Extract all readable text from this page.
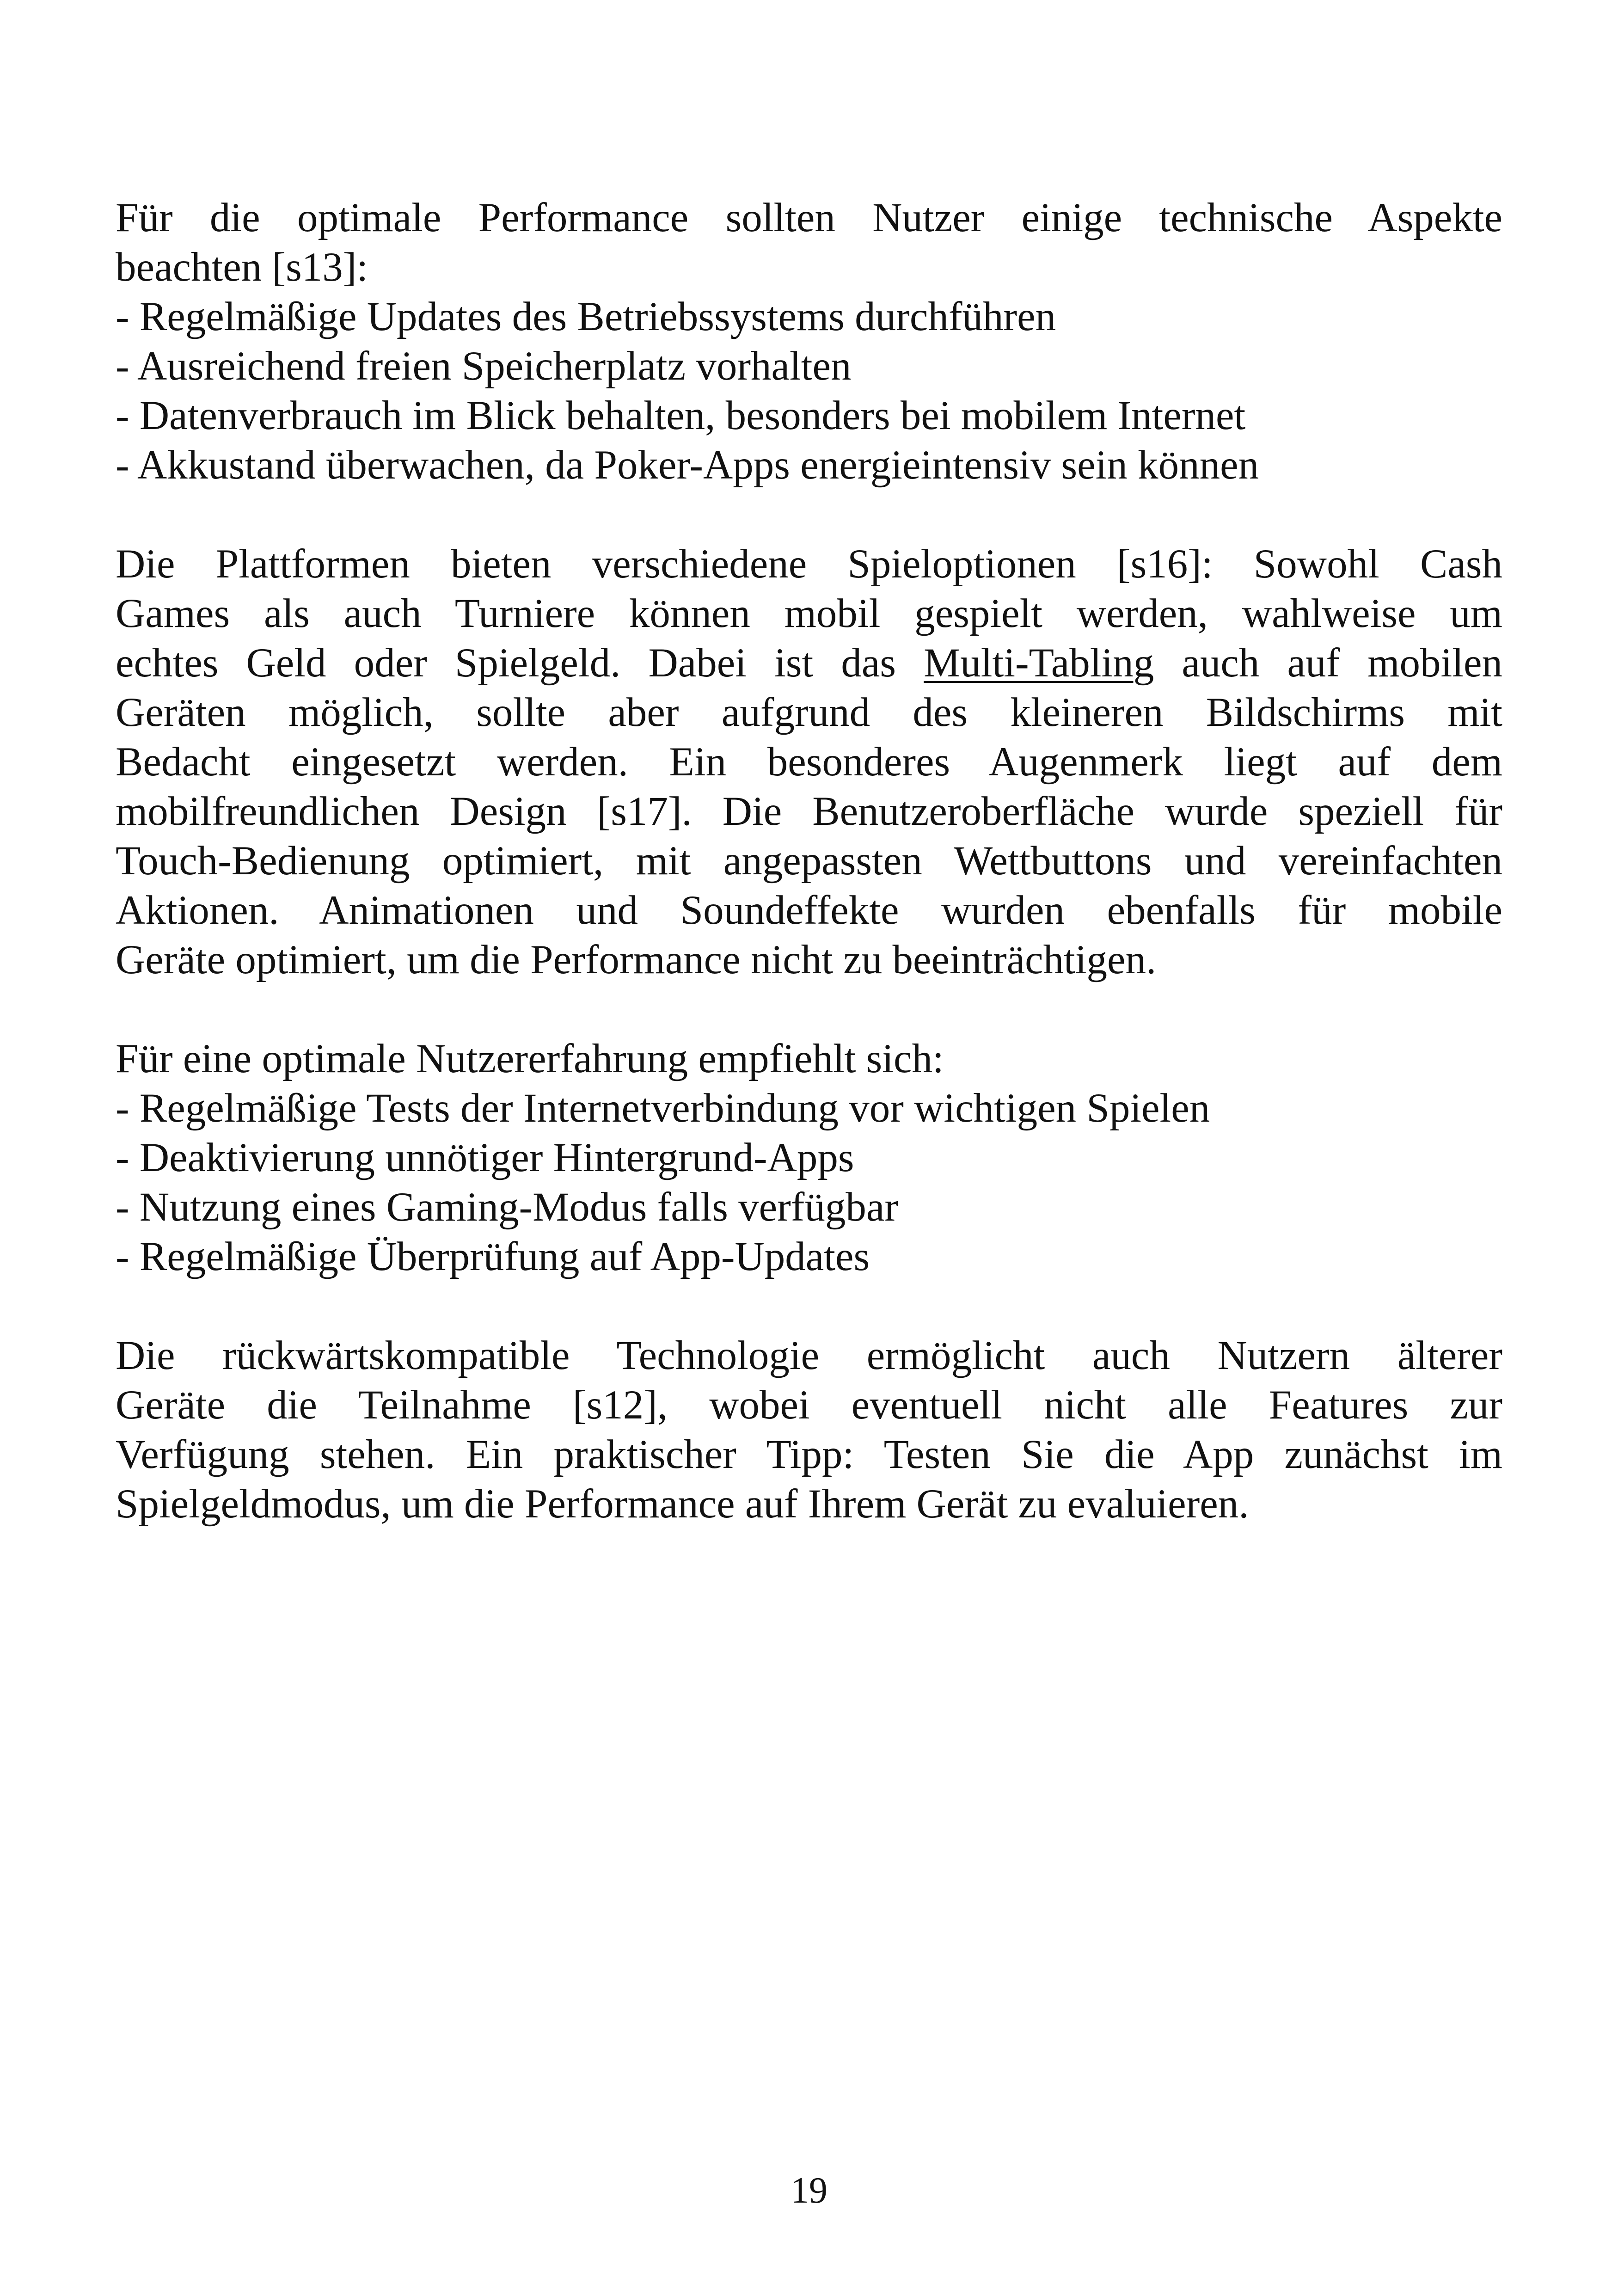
Für die optimale Performance sollten Nutzer einige technische Aspekte
beachten [s13]:
- Regelmäßige Updates des Betriebssystems durchführen
- Ausreichend freien Speicherplatz vorhalten
- Datenverbrauch im Blick behalten, besonders bei mobilem Internet
- Akkustand überwachen, da Poker-Apps energieintensiv sein können
Die Plattformen bieten verschiedene Spieloptionen [s16]: Sowohl Cash
Games als auch Turniere können mobil gespielt werden, wahlweise um
echtes Geld oder Spielgeld. Dabei ist das Multi-Tabling auch auf mobilen
Geräten möglich, sollte aber aufgrund des kleineren Bildschirms mit
Bedacht eingesetzt werden. Ein besonderes Augenmerk liegt auf dem
mobilfreundlichen Design [s17]. Die Benutzeroberfläche wurde speziell für
Touch-Bedienung optimiert, mit angepassten Wettbuttons und vereinfachten
Aktionen. Animationen und Soundeffekte wurden ebenfalls für mobile
Geräte optimiert, um die Performance nicht zu beeinträchtigen.
Für eine optimale Nutzererfahrung empfiehlt sich:
- Regelmäßige Tests der Internetverbindung vor wichtigen Spielen
- Deaktivierung unnötiger Hintergrund-Apps
- Nutzung eines Gaming-Modus falls verfügbar
- Regelmäßige Überprüfung auf App-Updates
Die rückwärtskompatible Technologie ermöglicht auch Nutzern älterer
Geräte die Teilnahme [s12], wobei eventuell nicht alle Features zur
Verfügung stehen. Ein praktischer Tipp: Testen Sie die App zunächst im
Spielgeldmodus, um die Performance auf Ihrem Gerät zu evaluieren.
19
